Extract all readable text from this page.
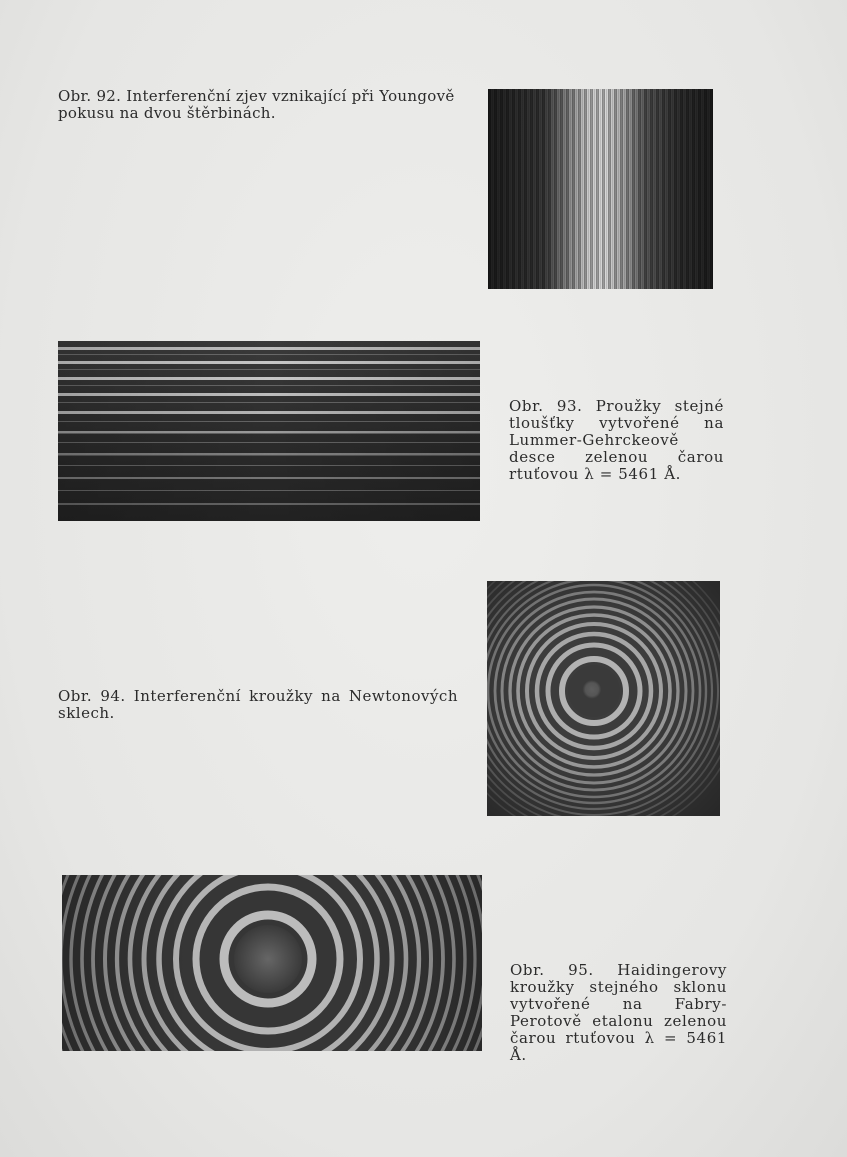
Obr. 92. Interferenční zjev vznikající při Youngově pokusu na dvou štěrbinách.
Obr. 93. Proužky stejné tloušťky vytvořené na Lummer-Gehrckeově desce zelenou čarou rtuťovou λ = 5461 Å.
Obr. 94. Interferenční kroužky na Newtonových sklech.
Obr. 95. Haidingerovy kroužky stejného sklonu vytvořené na Fabry-Perotově etalonu zelenou čarou rtuťovou λ = 5461 Å.
